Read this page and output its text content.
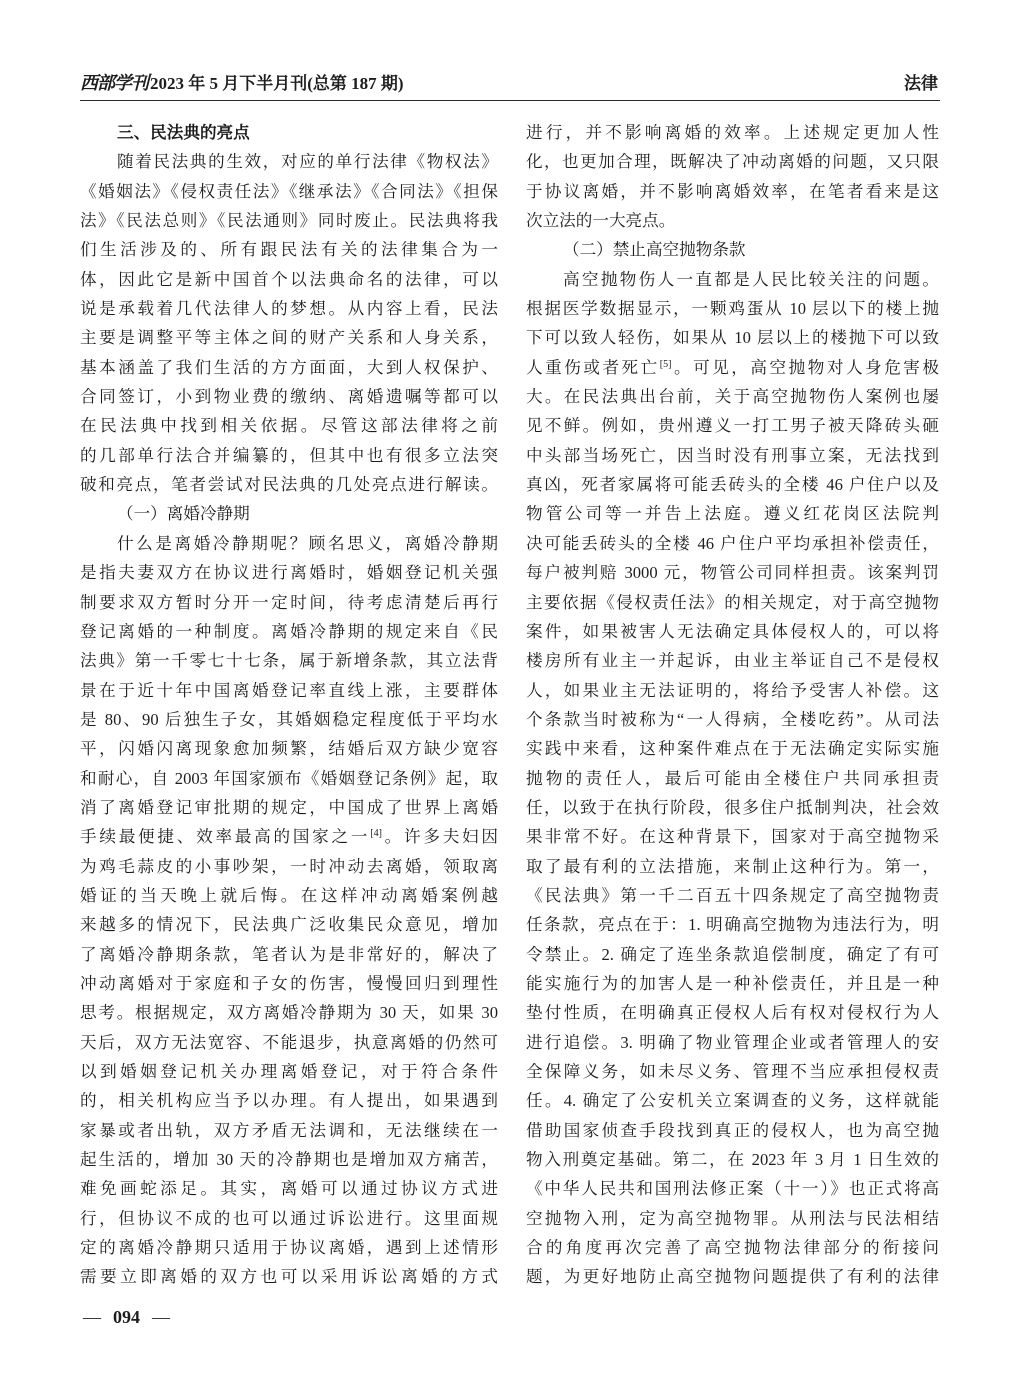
西部学刊 2023 年 5 月下半月刊(总第 187 期)	法律
三、民法典的亮点
随着民法典的生效，对应的单行法律《物权法》
《婚姻法》《侵权责任法》《继承法》《合同法》《担保
法》《民法总则》《民法通则》同时废止。民法典将我
们生活涉及的、所有跟民法有关的法律集合为一
体，因此它是新中国首个以法典命名的法律，可以
说是承载着几代法律人的梦想。从内容上看，民法
主要是调整平等主体之间的财产关系和人身关系，
基本涵盖了我们生活的方方面面，大到人权保护、
合同签订，小到物业费的缴纳、离婚遗嘱等都可以
在民法典中找到相关依据。尽管这部法律将之前
的几部单行法合并编纂的，但其中也有很多立法突
破和亮点，笔者尝试对民法典的几处亮点进行解读。
（一）离婚冷静期
什么是离婚冷静期呢？顾名思义，离婚冷静期
是指夫妻双方在协议进行离婚时，婚姻登记机关强
制要求双方暂时分开一定时间，待考虑清楚后再行
登记离婚的一种制度。离婚冷静期的规定来自《民
法典》第一千零七十七条，属于新增条款，其立法背
景在于近十年中国离婚登记率直线上涨，主要群体
是 80、90 后独生子女，其婚姻稳定程度低于平均水
平，闪婚闪离现象愈加频繁，结婚后双方缺少宽容
和耐心，自 2003 年国家颁布《婚姻登记条例》起，取
消了离婚登记审批期的规定，中国成了世界上离婚
手续最便捷、效率最高的国家之一[4]。许多夫妇因
为鸡毛蒜皮的小事吵架，一时冲动去离婚，领取离
婚证的当天晚上就后悔。在这样冲动离婚案例越
来越多的情况下，民法典广泛收集民众意见，增加
了离婚冷静期条款，笔者认为是非常好的，解决了
冲动离婚对于家庭和子女的伤害，慢慢回归到理性
思考。根据规定，双方离婚冷静期为 30 天，如果 30
天后，双方无法宽容、不能退步，执意离婚的仍然可
以到婚姻登记机关办理离婚登记，对于符合条件
的，相关机构应当予以办理。有人提出，如果遇到
家暴或者出轨，双方矛盾无法调和，无法继续在一
起生活的，增加 30 天的冷静期也是增加双方痛苦，
难免画蛇添足。其实，离婚可以通过协议方式进
行，但协议不成的也可以通过诉讼进行。这里面规
定的离婚冷静期只适用于协议离婚，遇到上述情形
需要立即离婚的双方也可以采用诉讼离婚的方式
进行，并不影响离婚的效率。上述规定更加人性
化，也更加合理，既解决了冲动离婚的问题，又只限
于协议离婚，并不影响离婚效率，在笔者看来是这
次立法的一大亮点。
（二）禁止高空抛物条款
高空抛物伤人一直都是人民比较关注的问题。
根据医学数据显示，一颗鸡蛋从 10 层以下的楼上抛
下可以致人轻伤，如果从 10 层以上的楼抛下可以致
人重伤或者死亡[5]。可见，高空抛物对人身危害极
大。在民法典出台前，关于高空抛物伤人案例也屡
见不鲜。例如，贵州遵义一打工男子被天降砖头砸
中头部当场死亡，因当时没有刑事立案，无法找到
真凶，死者家属将可能丢砖头的全楼 46 户住户以及
物管公司等一并告上法庭。遵义红花岗区法院判
决可能丢砖头的全楼 46 户住户平均承担补偿责任，
每户被判赔 3000 元，物管公司同样担责。该案判罚
主要依据《侵权责任法》的相关规定，对于高空抛物
案件，如果被害人无法确定具体侵权人的，可以将
楼房所有业主一并起诉，由业主举证自己不是侵权
人，如果业主无法证明的，将给予受害人补偿。这
个条款当时被称为“一人得病，全楼吃药”。从司法
实践中来看，这种案件难点在于无法确定实际实施
抛物的责任人，最后可能由全楼住户共同承担责
任，以致于在执行阶段，很多住户抵制判决，社会效
果非常不好。在这种背景下，国家对于高空抛物采
取了最有利的立法措施，来制止这种行为。第一，
《民法典》第一千二百五十四条规定了高空抛物责
任条款，亮点在于：1. 明确高空抛物为违法行为，明
令禁止。2. 确定了连坐条款追偿制度，确定了有可
能实施行为的加害人是一种补偿责任，并且是一种
垫付性质，在明确真正侵权人后有权对侵权行为人
进行追偿。3. 明确了物业管理企业或者管理人的安
全保障义务，如未尽义务、管理不当应承担侵权责
任。4. 确定了公安机关立案调查的义务，这样就能
借助国家侦查手段找到真正的侵权人，也为高空抛
物入刑奠定基础。第二，在 2023 年 3 月 1 日生效的
《中华人民共和国刑法修正案（十一）》也正式将高
空抛物入刑，定为高空抛物罪。从刑法与民法相结
合的角度再次完善了高空抛物法律部分的衔接问
题，为更好地防止高空抛物问题提供了有利的法律
— 094 —
